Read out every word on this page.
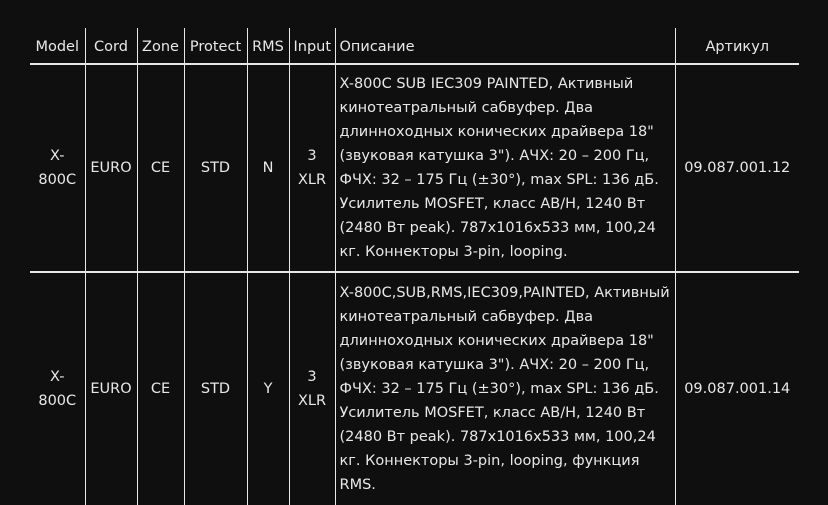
Model	Cord	Zone	Protect	RMS	Input	Описание	Артикул
X-800C	EURO	CE	STD	N	3 XLR	X-800C SUB IEC309 PAINTED, Активный кинотеатральный сабвуфер. Два длинноходных конических драйвера 18" (звуковая катушка 3"). АЧХ: 20 – 200 Гц, ФЧХ: 32 – 175 Гц (±30°), max SPL: 136 дБ. Усилитель MOSFET, класс AB/H, 1240 Вт (2480 Вт peak). 787x1016x533 мм, 100,24 кг. Коннекторы 3-pin, looping.	09.087.001.12
X-800C	EURO	CE	STD	Y	3 XLR	X-800C,SUB,RMS,IEC309,PAINTED, Активный кинотеатральный сабвуфер. Два длинноходных конических драйвера 18" (звуковая катушка 3"). АЧХ: 20 – 200 Гц, ФЧХ: 32 – 175 Гц (±30°), max SPL: 136 дБ. Усилитель MOSFET, класс AB/H, 1240 Вт (2480 Вт peak). 787x1016x533 мм, 100,24 кг. Коннекторы 3-pin, looping, функция RMS.	09.087.001.14
